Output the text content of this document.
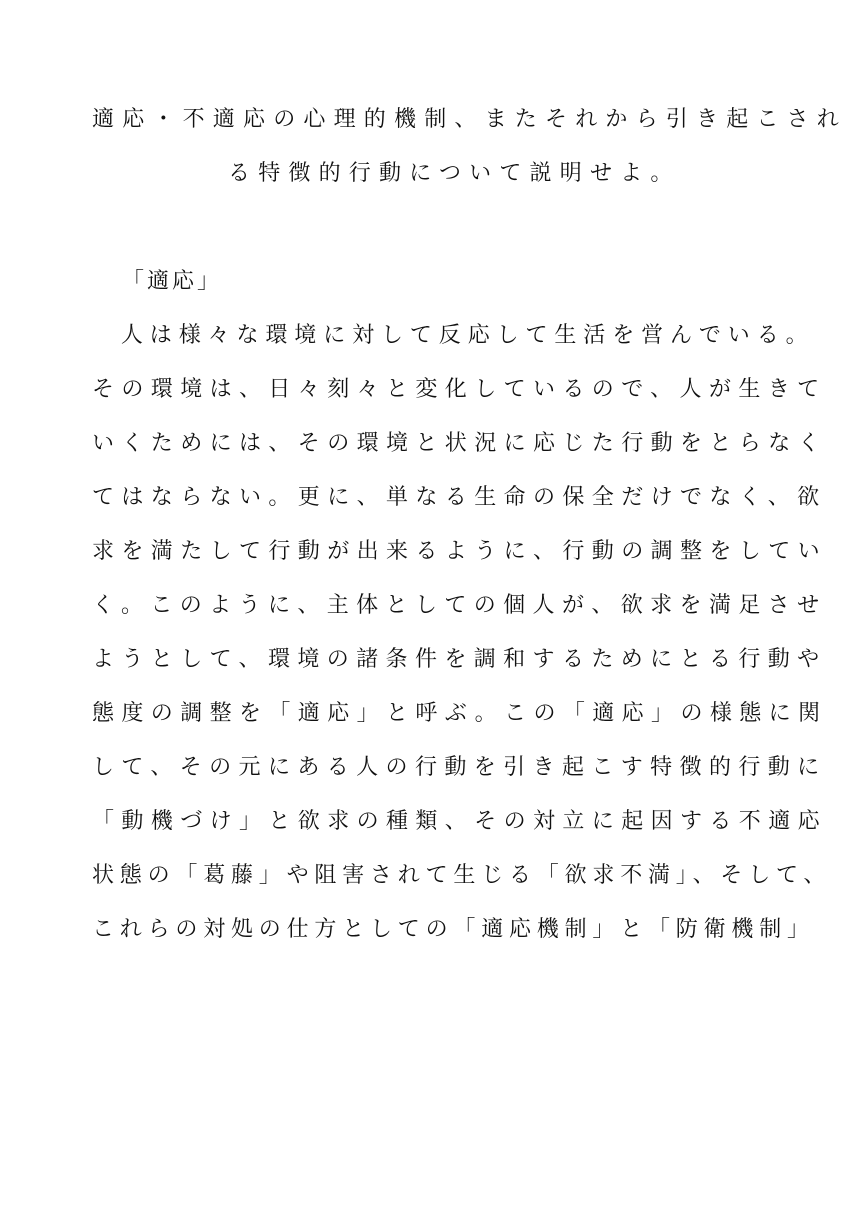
適応・不適応の心理的機制、またそれから引き起こされ
る特徴的行動について説明せよ。
「適応」
　人は様々な環境に対して反応して生活を営んでいる。
その環境は、日々刻々と変化しているので、人が生きて
いくためには、その環境と状況に応じた行動をとらなく
てはならない。更に、単なる生命の保全だけでなく、欲
求を満たして行動が出来るように、行動の調整をしてい
く。このように、主体としての個人が、欲求を満足させ
ようとして、環境の諸条件を調和するためにとる行動や
態度の調整を「適応」と呼ぶ。この「適応」の様態に関
して、その元にある人の行動を引き起こす特徴的行動に
「動機づけ」と欲求の種類、その対立に起因する不適応
状態の「葛藤」や阻害されて生じる「欲求不満」、そして、
これらの対処の仕方としての「適応機制」と「防衛機制」
